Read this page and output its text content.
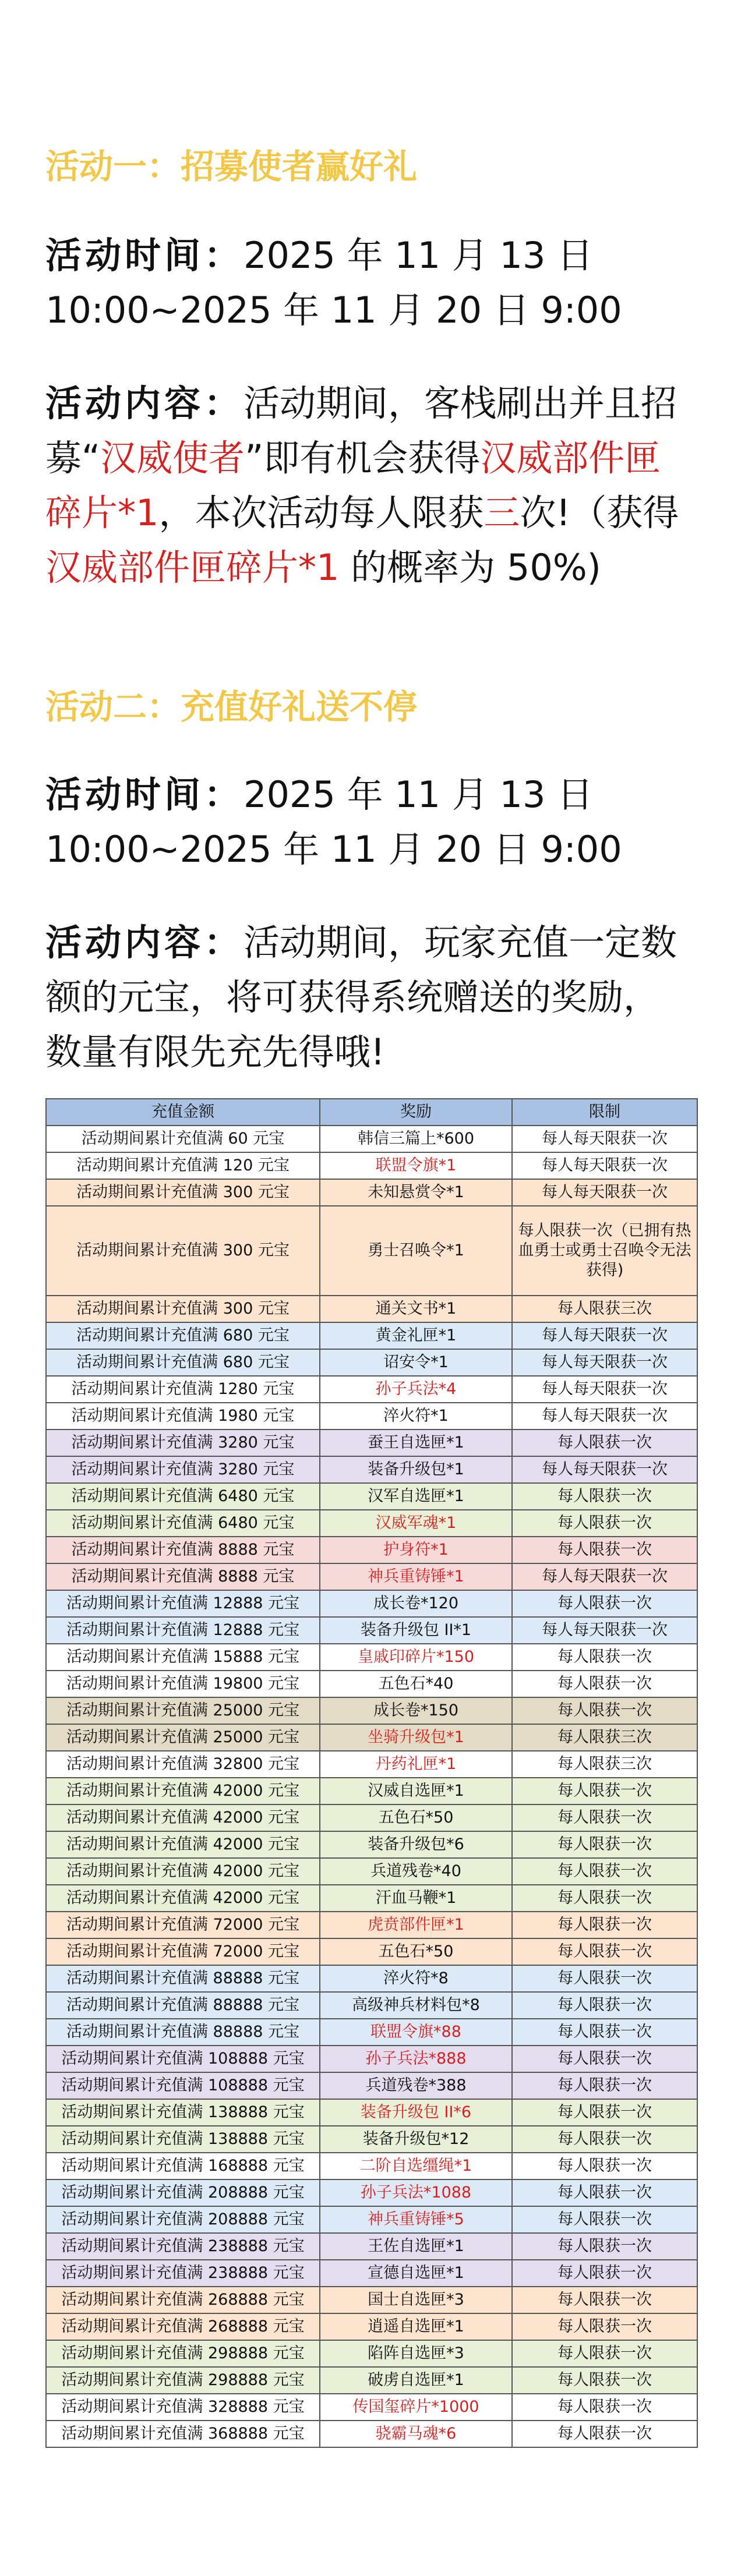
活动一：招募使者赢好礼

活动时间：2025 年 11 月 13 日 10:00~2025 年 11 月 20 日 9:00

活动内容：活动期间，客栈刷出并且招募“汉威使者”即有机会获得汉威部件匣碎片*1，本次活动每人限获三次!（获得汉威部件匣碎片*1 的概率为 50%)

活动二：充值好礼送不停

活动时间：2025 年 11 月 13 日 10:00~2025 年 11 月 20 日 9:00

活动内容：活动期间，玩家充值一定数额的元宝，将可获得系统赠送的奖励，数量有限先充先得哦!

充值金额	奖励	限制
活动期间累计充值满 60 元宝	韩信三篇上*600	每人每天限获一次
活动期间累计充值满 120 元宝	联盟令旗*1	每人每天限获一次
活动期间累计充值满 300 元宝	未知悬赏令*1	每人每天限获一次
活动期间累计充值满 300 元宝	勇士召唤令*1	每人限获一次（已拥有热血勇士或勇士召唤令无法获得)
活动期间累计充值满 300 元宝	通关文书*1	每人限获三次
活动期间累计充值满 680 元宝	黄金礼匣*1	每人每天限获一次
活动期间累计充值满 680 元宝	诏安令*1	每人每天限获一次
活动期间累计充值满 1280 元宝	孙子兵法*4	每人每天限获一次
活动期间累计充值满 1980 元宝	淬火符*1	每人每天限获一次
活动期间累计充值满 3280 元宝	蚕王自选匣*1	每人限获一次
活动期间累计充值满 3280 元宝	装备升级包*1	每人每天限获一次
活动期间累计充值满 6480 元宝	汉军自选匣*1	每人限获一次
活动期间累计充值满 6480 元宝	汉威军魂*1	每人限获一次
活动期间累计充值满 8888 元宝	护身符*1	每人限获一次
活动期间累计充值满 8888 元宝	神兵重铸锤*1	每人每天限获一次
活动期间累计充值满 12888 元宝	成长卷*120	每人限获一次
活动期间累计充值满 12888 元宝	装备升级包 II*1	每人每天限获一次
活动期间累计充值满 15888 元宝	皇戚印碎片*150	每人限获一次
活动期间累计充值满 19800 元宝	五色石*40	每人限获一次
活动期间累计充值满 25000 元宝	成长卷*150	每人限获一次
活动期间累计充值满 25000 元宝	坐骑升级包*1	每人限获三次
活动期间累计充值满 32800 元宝	丹药礼匣*1	每人限获三次
活动期间累计充值满 42000 元宝	汉威自选匣*1	每人限获一次
活动期间累计充值满 42000 元宝	五色石*50	每人限获一次
活动期间累计充值满 42000 元宝	装备升级包*6	每人限获一次
活动期间累计充值满 42000 元宝	兵道残卷*40	每人限获一次
活动期间累计充值满 42000 元宝	汗血马鞭*1	每人限获一次
活动期间累计充值满 72000 元宝	虎贲部件匣*1	每人限获一次
活动期间累计充值满 72000 元宝	五色石*50	每人限获一次
活动期间累计充值满 88888 元宝	淬火符*8	每人限获一次
活动期间累计充值满 88888 元宝	高级神兵材料包*8	每人限获一次
活动期间累计充值满 88888 元宝	联盟令旗*88	每人限获一次
活动期间累计充值满 108888 元宝	孙子兵法*888	每人限获一次
活动期间累计充值满 108888 元宝	兵道残卷*388	每人限获一次
活动期间累计充值满 138888 元宝	装备升级包 II*6	每人限获一次
活动期间累计充值满 138888 元宝	装备升级包*12	每人限获一次
活动期间累计充值满 168888 元宝	二阶自选缰绳*1	每人限获一次
活动期间累计充值满 208888 元宝	孙子兵法*1088	每人限获一次
活动期间累计充值满 208888 元宝	神兵重铸锤*5	每人限获一次
活动期间累计充值满 238888 元宝	王佐自选匣*1	每人限获一次
活动期间累计充值满 238888 元宝	宣德自选匣*1	每人限获一次
活动期间累计充值满 268888 元宝	国士自选匣*3	每人限获一次
活动期间累计充值满 268888 元宝	逍遥自选匣*1	每人限获一次
活动期间累计充值满 298888 元宝	陷阵自选匣*3	每人限获一次
活动期间累计充值满 298888 元宝	破虏自选匣*1	每人限获一次
活动期间累计充值满 328888 元宝	传国玺碎片*1000	每人限获一次
活动期间累计充值满 368888 元宝	骁霸马魂*6	每人限获一次
